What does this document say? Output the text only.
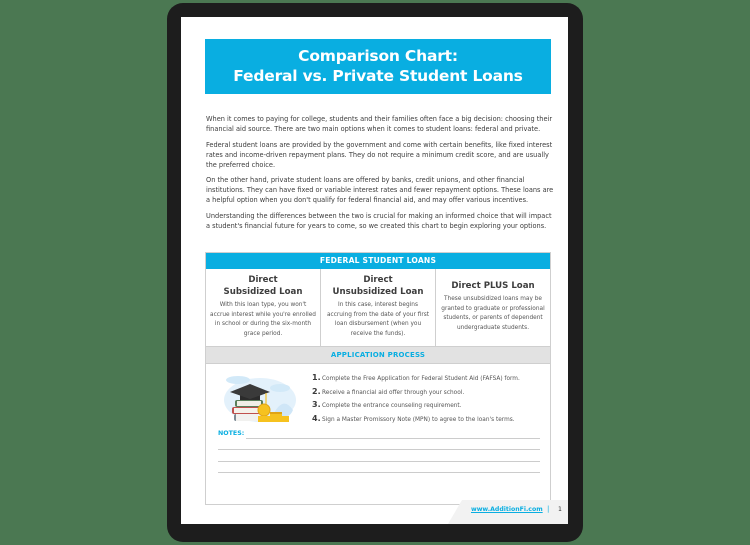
Comparison Chart:
Federal vs. Private Student Loans

When it comes to paying for college, students and their families often face a big decision: choosing their financial aid source. There are two main options when it comes to student loans: federal and private.

Federal student loans are provided by the government and come with certain benefits, like fixed interest rates and income-driven repayment plans. They do not require a minimum credit score, and are usually the preferred choice.

On the other hand, private student loans are offered by banks, credit unions, and other financial institutions. They can have fixed or variable interest rates and fewer repayment options. These loans are a helpful option when you don't qualify for federal financial aid, and may offer various incentives.

Understanding the differences between the two is crucial for making an informed choice that will impact a student's financial future for years to come, so we created this chart to begin exploring your options.

FEDERAL STUDENT LOANS
Direct
Subsidized Loan
With this loan type, you won't accrue interest while you're enrolled in school or during the six-month grace period.
Direct
Unsubsidized Loan
In this case, interest begins accruing from the date of your first loan disbursement (when you receive the funds).
Direct PLUS Loan
These unsubsidized loans may be granted to graduate or professional students, or parents of dependent undergraduate students.
APPLICATION PROCESS
1. Complete the Free Application for Federal Student Aid (FAFSA) form.
2. Receive a financial aid offer through your school.
3. Complete the entrance counseling requirement.
4. Sign a Master Promissory Note (MPN) to agree to the loan's terms.
NOTES:
www.AdditionFi.com | 1
